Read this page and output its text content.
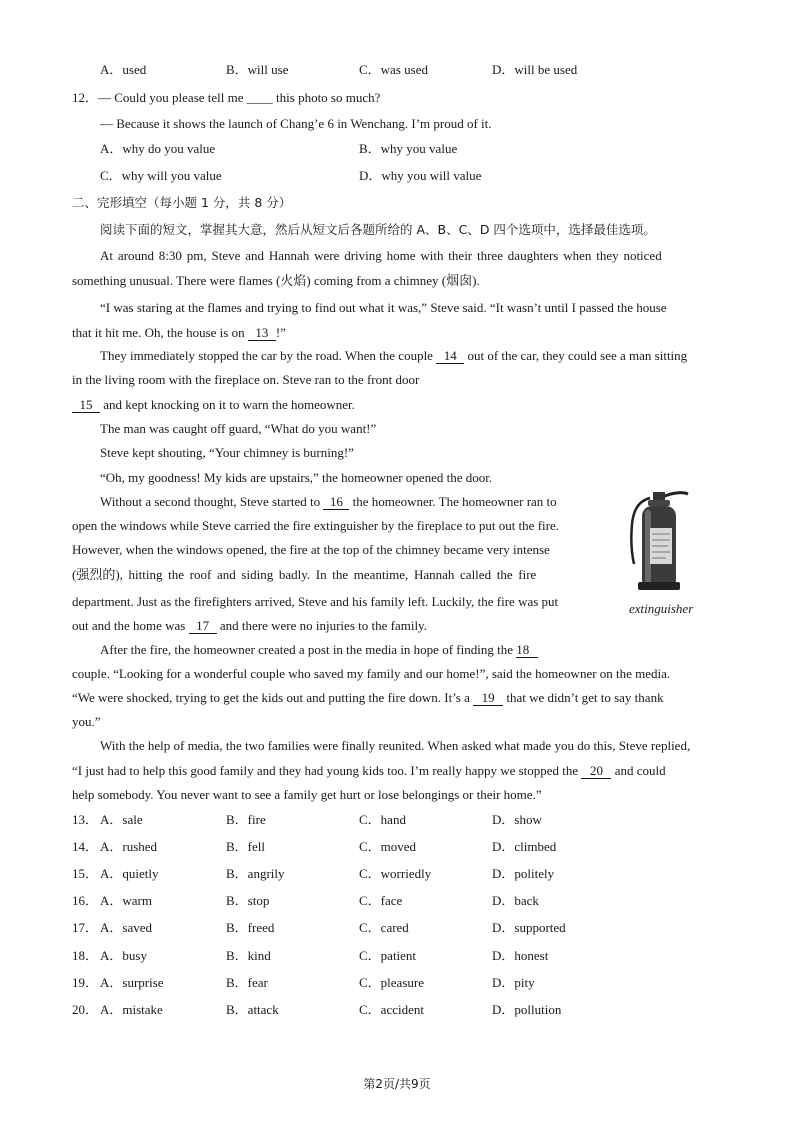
A．used	B．will use	C．was used	D．will be used
12．— Could you please tell me ____ this photo so much?
— Because it shows the launch of Chang’e 6 in Wenchang. I’m proud of it.
A．why do you value	B．why you value
C．why will you value	D．why you will value
二、完形填空（每小题 1 分，共 8 分）
阅读下面的短文，掌握其大意，然后从短文后各题所给的 A、B、C、D 四个选项中，选择最佳选项。
At around 8:30 pm, Steve and Hannah were driving home with their three daughters when they noticed
something unusual. There were flames (火焰) coming from a chimney (烟囱).
“I was staring at the flames and trying to find out what it was,” Steve said. “It wasn’t until I passed the house
that it hit me. Oh, the house is on 13 !”
They immediately stopped the car by the road. When the couple 14 out of the car, they could see a man sitting
in the living room with the fireplace on. Steve ran to the front door
15 and kept knocking on it to warn the homeowner.
The man was caught off guard, “What do you want!”
Steve kept shouting, “Your chimney is burning!”
“Oh, my goodness! My kids are upstairs,” the homeowner opened the door.
Without a second thought, Steve started to 16 the homeowner. The homeowner ran to
open the windows while Steve carried the fire extinguisher by the fireplace to put out the fire.
However, when the windows opened, the fire at the top of the chimney became very intense
(强烈的), hitting the roof and siding badly. In the meantime, Hannah called the fire
department. Just as the firefighters arrived, Steve and his family left. Luckily, the fire was put
out and the home was 17 and there were no injuries to the family.
extinguisher
After the fire, the homeowner created a post in the media in hope of finding the 18
couple. “Looking for a wonderful couple who saved my family and our home!”, said the homeowner on the media.
“We were shocked, trying to get the kids out and putting the fire down. It’s a 19 that we didn’t get to say thank
you.”
With the help of media, the two families were finally reunited. When asked what made you do this, Steve replied,
“I just had to help this good family and they had young kids too. I’m really happy we stopped the 20 and could
help somebody. You never want to see a family get hurt or lose belongings or their home.”
13． A．sale	B．fire	C．hand	D．show
14． A．rushed	B．fell	C．moved	D．climbed
15． A．quietly	B．angrily	C．worriedly	D．politely
16． A．warm	B．stop	C．face	D．back
17． A．saved	B．freed	C．cared	D．supported
18． A．busy	B．kind	C．patient	D．honest
19． A．surprise	B．fear	C．pleasure	D．pity
20． A．mistake	B．attack	C．accident	D．pollution
第2页/共9页
